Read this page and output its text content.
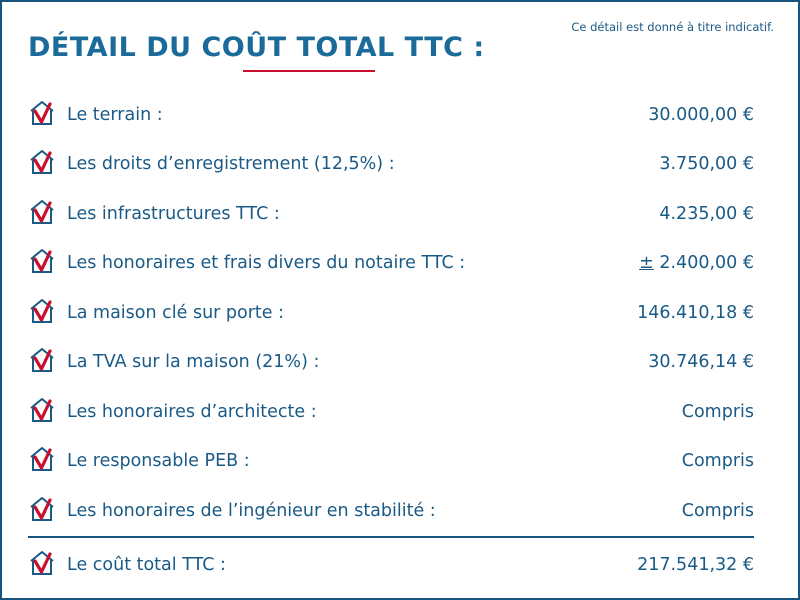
Ce détail est donné à titre indicatif.
DÉTAIL DU COÛT TOTAL TTC :
Le terrain :	30.000,00 €
Les droits d’enregistrement (12,5%) :	3.750,00 €
Les infrastructures TTC :	4.235,00 €
Les honoraires et frais divers du notaire TTC :	± 2.400,00 €
La maison clé sur porte :	146.410,18 €
La TVA sur la maison (21%) :	30.746,14 €
Les honoraires d’architecte :	Compris
Le responsable PEB :	Compris
Les honoraires de l’ingénieur en stabilité :	Compris
Le coût total TTC :	217.541,32 €
